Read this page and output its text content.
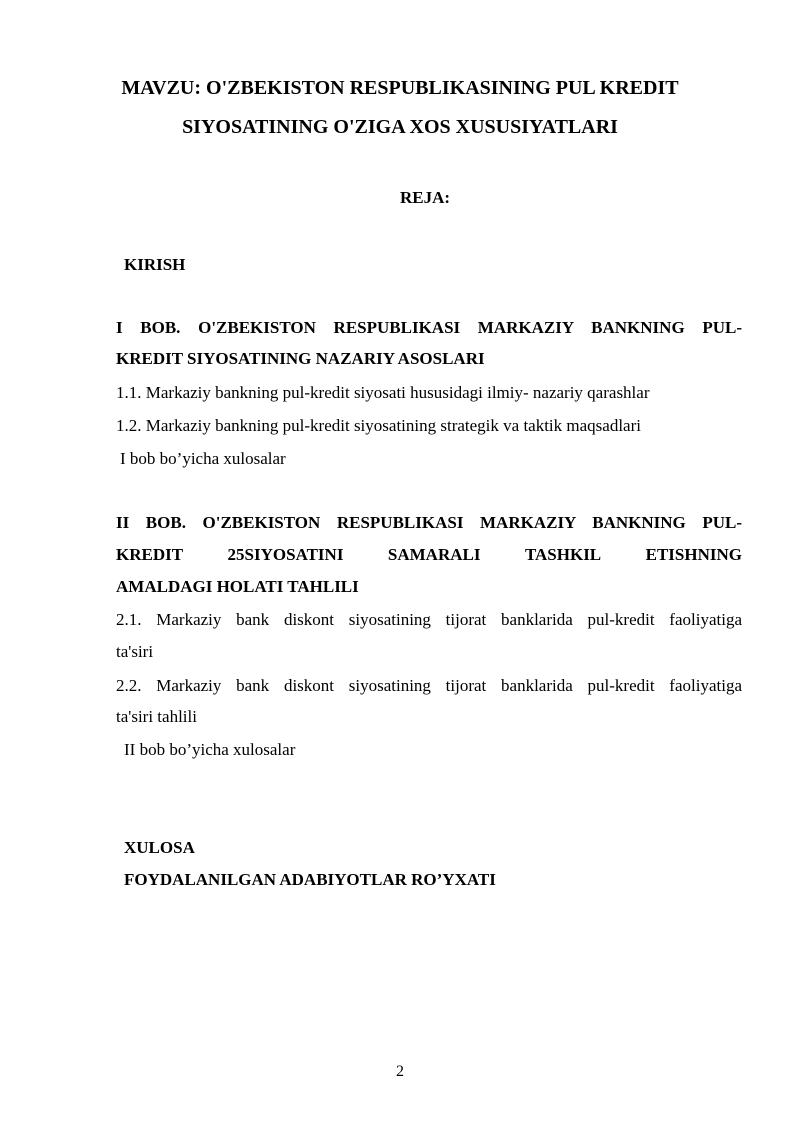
MAVZU: O'ZBEKISTON RESPUBLIKASINING PUL KREDIT
SIYOSATINING O'ZIGA XOS XUSUSIYATLARI
REJA:
KIRISH
I BOB. O'ZBEKISTON RESPUBLIKASI MARKAZIY BANKNING PUL-
KREDIT SIYOSATINING NAZARIY ASOSLARI
1.1. Markaziy bankning pul-kredit siyosati hususidagi ilmiy- nazariy qarashlar
1.2. Markaziy bankning pul-kredit siyosatining strategik va taktik maqsadlari
I bob bo’yicha xulosalar
II BOB. O'ZBEKISTON RESPUBLIKASI MARKAZIY BANKNING PUL-
KREDIT	25SIYOSATINI	SAMARALI	TASHKIL	ETISHNING
AMALDAGI HOLATI TAHLILI
2.1. Markaziy bank diskont siyosatining tijorat banklarida pul-kredit faoliyatiga
ta'siri
2.2. Markaziy bank diskont siyosatining tijorat banklarida pul-kredit faoliyatiga
ta'siri tahlili
II bob bo’yicha xulosalar
XULOSA
FOYDALANILGAN ADABIYOTLAR RO’YXATI
2
